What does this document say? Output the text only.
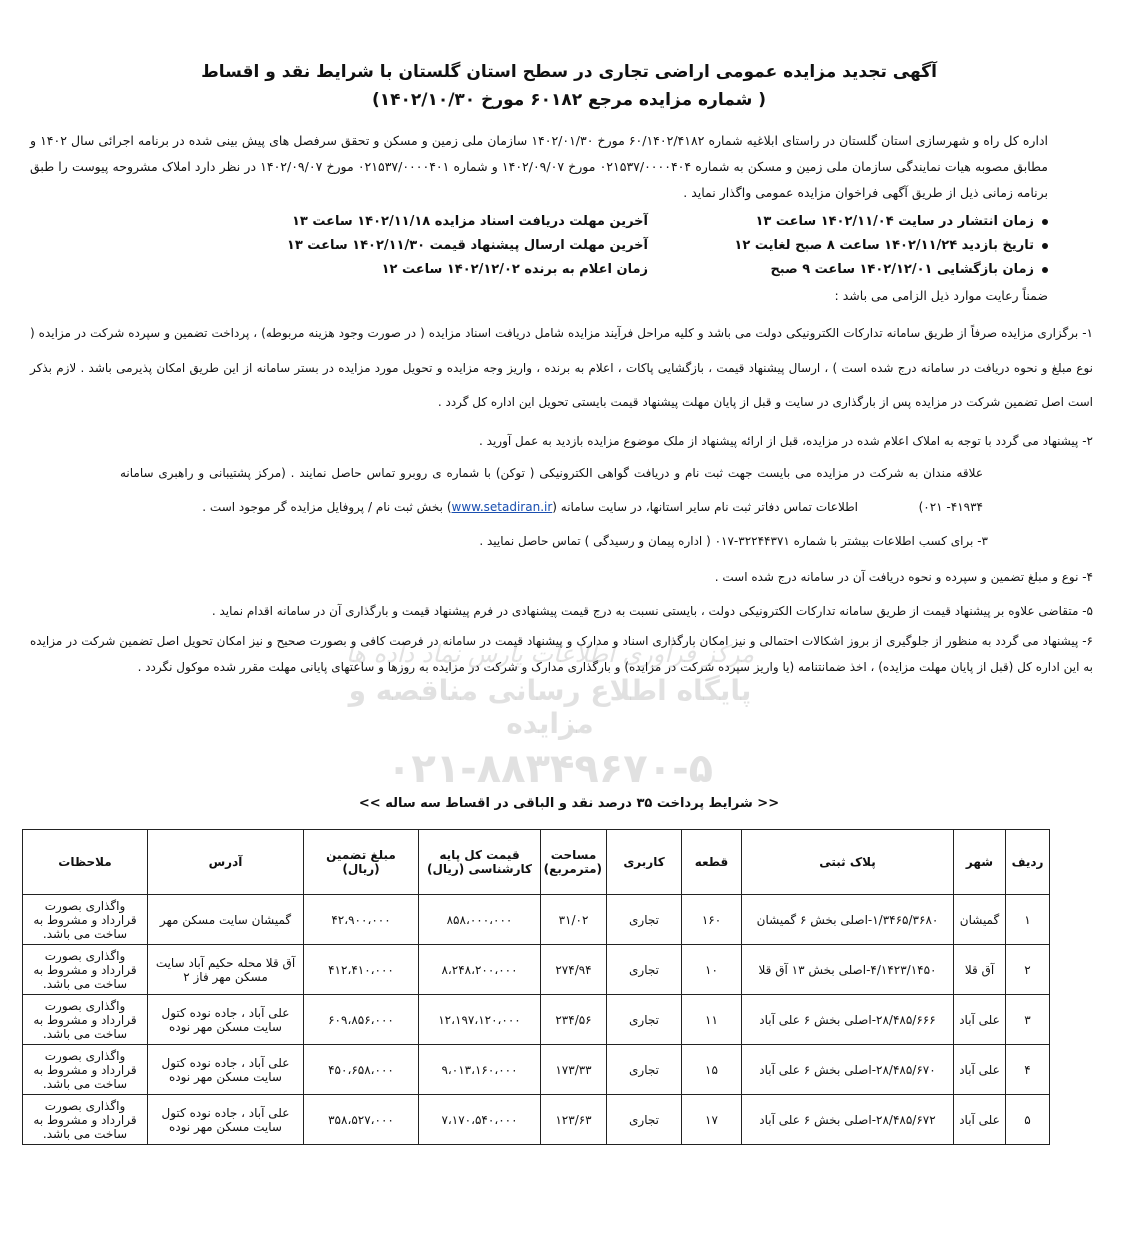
مرکز فرآوری اطلاعات پارس نماد داده ها
پایگاه اطلاع رسانی مناقصه و مزایده
۰۲۱-۸۸۳۴۹۶۷۰-۵
آگهی تجدید مزایده عمومی اراضی تجاری در سطح استان گلستان با شرایط نقد و اقساط
( شماره مزایده مرجع ۶۰۱۸۲ مورخ ۱۴۰۲/۱۰/۳۰)
اداره کل راه و شهرسازی استان گلستان در راستای ابلاغیه شماره ۶۰/۱۴۰۲/۴۱۸۲ مورخ ۱۴۰۲/۰۱/۳۰ سازمان ملی زمین و مسکن و تحقق سرفصل های پیش بینی شده در برنامه اجرائی سال ۱۴۰۲ و مطابق مصوبه هیات نمایندگی سازمان ملی زمین و مسکن به شماره ۰۲۱۵۳۷/۰۰۰۰۴۰۴ مورخ ۱۴۰۲/۰۹/۰۷ و شماره ۰۲۱۵۳۷/۰۰۰۰۴۰۱ مورخ ۱۴۰۲/۰۹/۰۷ در نظر دارد املاک مشروحه پیوست را طبق برنامه زمانی ذیل از طریق آگهی فراخوان مزایده عمومی واگذار نماید .
زمان انتشار در سایت ۱۴۰۲/۱۱/۰۴ ساعت ۱۳
آخرین مهلت دریافت اسناد مزایده ۱۴۰۲/۱۱/۱۸ ساعت ۱۳
تاریخ بازدید ۱۴۰۲/۱۱/۲۴ ساعت ۸ صبح لغایت ۱۲
آخرین مهلت ارسال پیشنهاد قیمت ۱۴۰۲/۱۱/۳۰ ساعت ۱۳
زمان بازگشایی ۱۴۰۲/۱۲/۰۱ ساعت ۹ صبح
زمان اعلام به برنده ۱۴۰۲/۱۲/۰۲ ساعت ۱۲
ضمناً رعایت موارد ذیل الزامی می باشد :
۱- برگزاری مزایده صرفاً از طریق سامانه تدارکات الکترونیکی دولت می باشد و کلیه مراحل فرآیند مزایده شامل دریافت اسناد مزایده ( در صورت وجود هزینه مربوطه) ، پرداخت تضمین و سپرده شرکت در مزایده ( نوع مبلغ و نحوه دریافت در سامانه درج شده است ) ، ارسال پیشنهاد قیمت ، بازگشایی پاکات ، اعلام به برنده ، واریز وجه مزایده و تحویل مورد مزایده در بستر سامانه از این طریق امکان پذیرمی باشد . لازم بذکر است اصل تضمین شرکت در مزایده پس از بارگذاری در سایت و قبل از پایان مهلت پیشنهاد قیمت بایستی تحویل این اداره کل گردد .
۲- پیشنهاد می گردد با توجه به املاک اعلام شده در مزایده، قبل از ارائه پیشنهاد از ملک موضوع مزایده بازدید به عمل آورید .
علاقه مندان به شرکت در مزایده می بایست جهت ثبت نام و دریافت گواهی الکترونیکی ( توکن) با شماره ی روبرو تماس حاصل نمایند . (مرکز پشتیبانی و راهبری سامانه ۴۱۹۳۴- ۰۲۱)
اطلاعات تماس دفاتر ثبت نام سایر استانها، در سایت سامانه (www.setadiran.ir) بخش ثبت نام / پروفایل مزایده گر موجود است .
۳- برای کسب اطلاعات بیشتر با شماره ۳۲۲۴۴۳۷۱-۰۱۷ ( اداره پیمان و رسیدگی ) تماس حاصل نمایید .
۴- نوع و مبلغ تضمین و سپرده و نحوه دریافت آن در سامانه درج شده است .
۵- متقاضی علاوه بر پیشنهاد قیمت از طریق سامانه تدارکات الکترونیکی دولت ، بایستی نسبت به درج قیمت پیشنهادی در فرم پیشنهاد قیمت و بارگذاری آن در سامانه اقدام نماید .
۶- پیشنهاد می گردد به منظور از جلوگیری از بروز اشکالات احتمالی و نیز امکان بارگذاری اسناد و مدارک و پیشنهاد قیمت در سامانه در فرصت کافی و بصورت صحیح و نیز امکان تحویل اصل تضمین شرکت در مزایده به این اداره کل (قبل از پایان مهلت مزایده) ، اخذ ضمانتنامه (یا واریز سپرده شرکت در مزایده) و بارگذاری مدارک و شرکت در مزایده به روزها و ساعتهای پایانی مهلت مقرر شده موکول نگردد .
<< شرایط پرداخت ۳۵ درصد نقد و الباقی در اقساط سه ساله >>
ردیف	شهر	پلاک ثبتی	قطعه	کاربری	مساحت (مترمربع)	قیمت کل پایه کارشناسی (ریال)	مبلغ تضمین (ریال)	آدرس	ملاحظات
۱	گمیشان	۱/۳۴۶۵/۳۶۸۰-اصلی بخش ۶ گمیشان	۱۶۰	تجاری	۳۱/۰۲	۸۵۸،۰۰۰،۰۰۰	۴۲،۹۰۰،۰۰۰	گمیشان سایت مسکن مهر	واگذاری بصورت قرارداد و مشروط به ساخت می باشد.
۲	آق قلا	۴/۱۴۲۳/۱۴۵۰-اصلی بخش ۱۳ آق قلا	۱۰	تجاری	۲۷۴/۹۴	۸،۲۴۸،۲۰۰،۰۰۰	۴۱۲،۴۱۰،۰۰۰	آق قلا محله حکیم آباد سایت مسکن مهر فاز ۲	واگذاری بصورت قرارداد و مشروط به ساخت می باشد.
۳	علی آباد	۲۸/۴۸۵/۶۶۶-اصلی بخش ۶ علی آباد	۱۱	تجاری	۲۳۴/۵۶	۱۲،۱۹۷،۱۲۰،۰۰۰	۶۰۹،۸۵۶،۰۰۰	علی آباد ، جاده نوده کتول سایت مسکن مهر نوده	واگذاری بصورت قرارداد و مشروط به ساخت می باشد.
۴	علی آباد	۲۸/۴۸۵/۶۷۰-اصلی بخش ۶ علی آباد	۱۵	تجاری	۱۷۳/۳۳	۹،۰۱۳،۱۶۰،۰۰۰	۴۵۰،۶۵۸،۰۰۰	علی آباد ، جاده نوده کتول سایت مسکن مهر نوده	واگذاری بصورت قرارداد و مشروط به ساخت می باشد.
۵	علی آباد	۲۸/۴۸۵/۶۷۲-اصلی بخش ۶ علی آباد	۱۷	تجاری	۱۲۳/۶۳	۷،۱۷۰،۵۴۰،۰۰۰	۳۵۸،۵۲۷،۰۰۰	علی آباد ، جاده نوده کتول سایت مسکن مهر نوده	واگذاری بصورت قرارداد و مشروط به ساخت می باشد.
